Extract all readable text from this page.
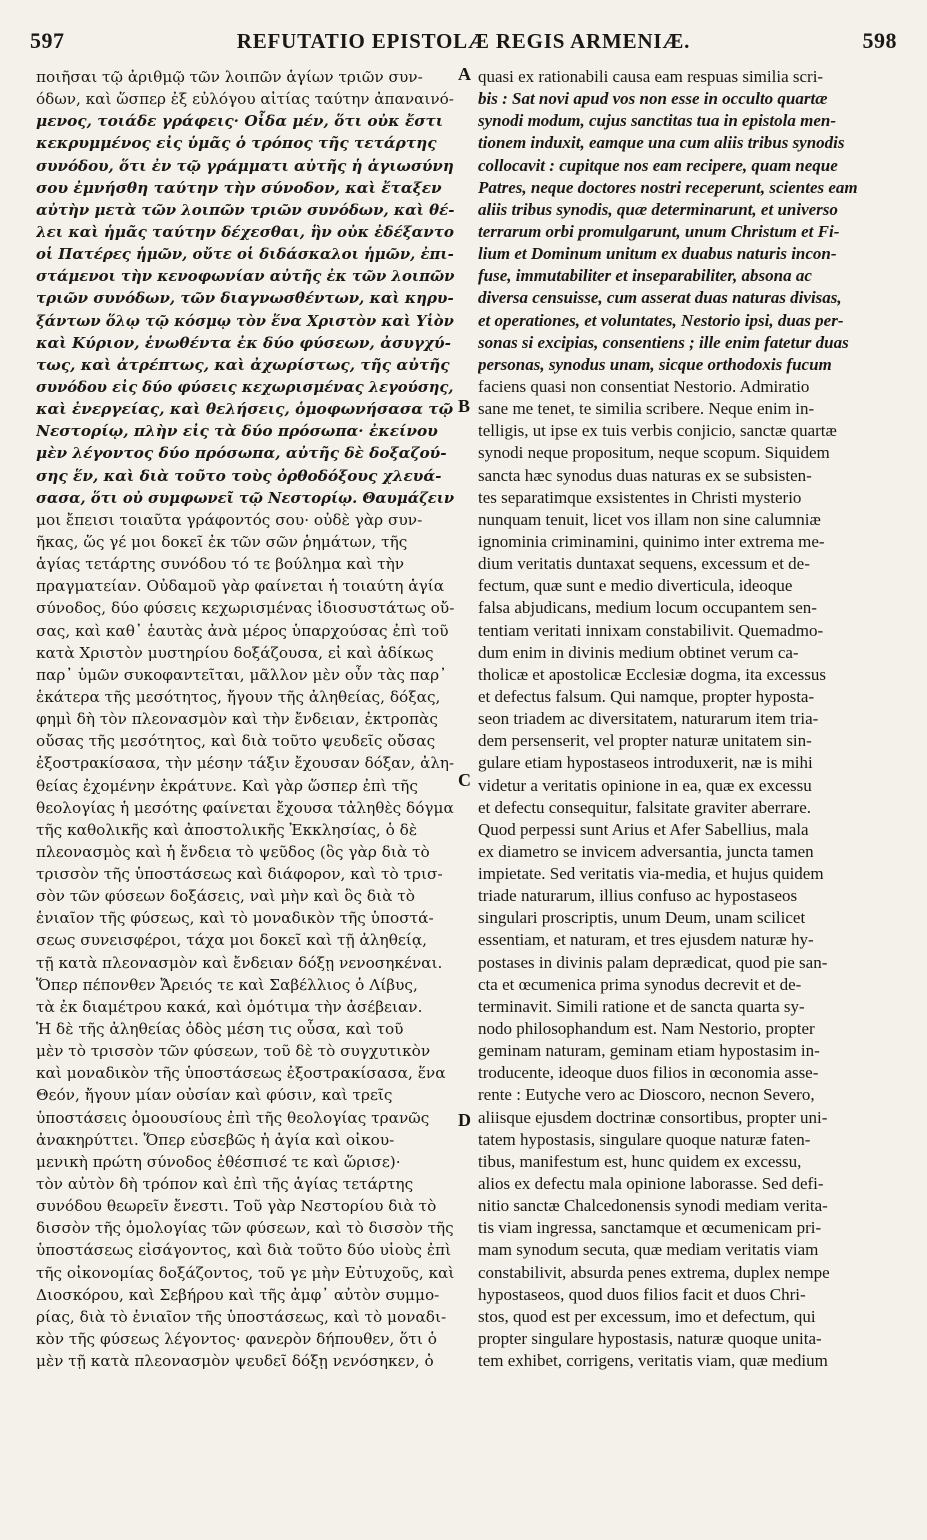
597	REFUTATIO EPISTOLÆ REGIS ARMENIÆ.	598
ποιῆσαι τῷ ἀριθμῷ τῶν λοιπῶν ἁγίων τριῶν συν-
όδων, καὶ ὥσπερ ἐξ εὐλόγου αἰτίας ταύτην ἀπαναινό-
μενος, τοιάδε γράφεις· Οἶδα μέν, ὅτι οὐκ ἔστι
κεκρυμμένος εἰς ὑμᾶς ὁ τρόπος τῆς τετάρτης
συνόδου, ὅτι ἐν τῷ γράμματι αὐτῆς ἡ ἁγιωσύνη
σου ἐμνήσθη ταύτην τὴν σύνοδον, καὶ ἔταξεν
αὐτὴν μετὰ τῶν λοιπῶν τριῶν συνόδων, καὶ θέ-
λει καὶ ἡμᾶς ταύτην δέχεσθαι, ἣν οὐκ ἐδέξαντο
οἱ Πατέρες ἡμῶν, οὔτε οἱ διδάσκαλοι ἡμῶν, ἐπι-
στάμενοι τὴν κενοφωνίαν αὐτῆς ἐκ τῶν λοιπῶν
τριῶν συνόδων, τῶν διαγνωσθέντων, καὶ κηρυ-
ξάντων ὅλῳ τῷ κόσμῳ τὸν ἕνα Χριστὸν καὶ Υἱὸν
καὶ Κύριον, ἑνωθέντα ἐκ δύο φύσεων, ἀσυγχύ-
τως, καὶ ἀτρέπτως, καὶ ἀχωρίστως, τῆς αὐτῆς
συνόδου εἰς δύο φύσεις κεχωρισμένας λεγούσης,
καὶ ἐνεργείας, καὶ θελήσεις, ὁμοφωνήσασα τῷ
Νεστορίῳ, πλὴν εἰς τὰ δύο πρόσωπα· ἐκείνου
μὲν λέγοντος δύο πρόσωπα, αὐτῆς δὲ δοξαζού-
σης ἕν, καὶ διὰ τοῦτο τοὺς ὀρθοδόξους χλευά-
σασα, ὅτι οὐ συμφωνεῖ τῷ Νεστορίῳ. Θαυμάζειν
μοι ἔπεισι τοιαῦτα γράφοντός σου· οὐδὲ γὰρ συν-
ῆκας, ὥς γέ μοι δοκεῖ ἐκ τῶν σῶν ῥημάτων, τῆς
ἁγίας τετάρτης συνόδου τό τε βούλημα καὶ τὴν
πραγματείαν. Οὐδαμοῦ γὰρ φαίνεται ἡ τοιαύτη ἁγία
σύνοδος, δύο φύσεις κεχωρισμένας ἰδιοσυστάτως οὔ-
σας, καὶ καθ᾽ ἑαυτὰς ἀνὰ μέρος ὑπαρχούσας ἐπὶ τοῦ
κατὰ Χριστὸν μυστηρίου δοξάζουσα, εἰ καὶ ἀδίκως
παρ᾽ ὑμῶν συκοφαντεῖται, μᾶλλον μὲν οὖν τὰς παρ᾽
ἑκάτερα τῆς μεσότητος, ἤγουν τῆς ἀληθείας, δόξας,
φημὶ δὴ τὸν πλεονασμὸν καὶ τὴν ἔνδειαν, ἐκτροπὰς
οὔσας τῆς μεσότητος, καὶ διὰ τοῦτο ψευδεῖς οὔσας
ἐξοστρακίσασα, τὴν μέσην τάξιν ἔχουσαν δόξαν, ἀλη-
θείας ἐχομένην ἐκράτυνε. Καὶ γὰρ ὥσπερ ἐπὶ τῆς
θεολογίας ἡ μεσότης φαίνεται ἔχουσα τἀληθὲς δόγμα
τῆς καθολικῆς καὶ ἀποστολικῆς Ἐκκλησίας, ὁ δὲ
πλεονασμὸς καὶ ἡ ἔνδεια τὸ ψεῦδος (ὃς γὰρ διὰ τὸ
τρισσὸν τῆς ὑποστάσεως καὶ διάφορον, καὶ τὸ τρισ-
σὸν τῶν φύσεων δοξάσεις, ναὶ μὴν καὶ ὃς διὰ τὸ
ἑνιαῖον τῆς φύσεως, καὶ τὸ μοναδικὸν τῆς ὑποστά-
σεως συνεισφέροι, τάχα μοι δοκεῖ καὶ τῇ ἀληθείᾳ,
τῇ κατὰ πλεονασμὸν καὶ ἔνδειαν δόξῃ νενοσηκέναι.
Ὅπερ πέπονθεν Ἄρειός τε καὶ Σαβέλλιος ὁ Λίβυς,
τὰ ἐκ διαμέτρου κακά, καὶ ὁμότιμα τὴν ἀσέβειαν.
Ἡ δὲ τῆς ἀληθείας ὁδὸς μέση τις οὖσα, καὶ τοῦ
μὲν τὸ τρισσὸν τῶν φύσεων, τοῦ δὲ τὸ συγχυτικὸν
καὶ μοναδικὸν τῆς ὑποστάσεως ἐξοστρακίσασα, ἕνα
Θεόν, ἤγουν μίαν οὐσίαν καὶ φύσιν, καὶ τρεῖς
ὑποστάσεις ὁμοουσίους ἐπὶ τῆς θεολογίας τρανῶς
ἀνακηρύττει. Ὅπερ εὐσεβῶς ἡ ἁγία καὶ οἰκου-
μενικὴ πρώτη σύνοδος ἐθέσπισέ τε καὶ ὥρισε)·
τὸν αὐτὸν δὴ τρόπον καὶ ἐπὶ τῆς ἁγίας τετάρτης
συνόδου θεωρεῖν ἔνεστι. Τοῦ γὰρ Νεστορίου διὰ τὸ
δισσὸν τῆς ὁμολογίας τῶν φύσεων, καὶ τὸ δισσὸν τῆς
ὑποστάσεως εἰσάγοντος, καὶ διὰ τοῦτο δύο υἱοὺς ἐπὶ
τῆς οἰκονομίας δοξάζοντος, τοῦ γε μὴν Εὐτυχοῦς, καὶ
Διοσκόρου, καὶ Σεβήρου καὶ τῆς ἀμφ᾽ αὐτὸν συμμο-
ρίας, διὰ τὸ ἑνιαῖον τῆς ὑποστάσεως, καὶ τὸ μοναδι-
κὸν τῆς φύσεως λέγοντος· φανερὸν δήπουθεν, ὅτι ὁ
μὲν τῇ κατὰ πλεονασμὸν ψευδεῖ δόξῃ νενόσηκεν, ὁ
quasi ex rationabili causa eam respuas similia scri-
bis : Sat novi apud vos non esse in occulto quartæ
synodi modum, cujus sanctitas tua in epistola men-
tionem induxit, eamque una cum aliis tribus synodis
collocavit : cupitque nos eam recipere, quam neque
Patres, neque doctores nostri receperunt, scientes eam
aliis tribus synodis, quæ determinarunt, et universo
terrarum orbi promulgarunt, unum Christum et Fi-
lium et Dominum unitum ex duabus naturis incon-
fuse, immutabiliter et inseparabiliter, absona ac
diversa censuisse, cum asserat duas naturas divisas,
et operationes, et voluntates, Nestorio ipsi, duas per-
sonas si excipias, consentiens ; ille enim fatetur duas
personas, synodus unam, sicque orthodoxis fucum
faciens quasi non consentiat Nestorio. Admiratio
sane me tenet, te similia scribere. Neque enim in-
telligis, ut ipse ex tuis verbis conjicio, sanctæ quartæ
synodi neque propositum, neque scopum. Siquidem
sancta hæc synodus duas naturas ex se subsisten-
tes separatimque exsistentes in Christi mysterio
nunquam tenuit, licet vos illam non sine calumniæ
ignominia criminamini, quinimo inter extrema me-
dium veritatis duntaxat sequens, excessum et de-
fectum, quæ sunt e medio diverticula, ideoque
falsa abjudicans, medium locum occupantem sen-
tentiam veritati innixam constabilivit. Quemadmo-
dum enim in divinis medium obtinet verum ca-
tholicæ et apostolicæ Ecclesiæ dogma, ita excessus
et defectus falsum. Qui namque, propter hyposta-
seon triadem ac diversitatem, naturarum item tria-
dem persenserit, vel propter naturæ unitatem sin-
gulare etiam hypostaseos introduxerit, næ is mihi
videtur a veritatis opinione in ea, quæ ex excessu
et defectu consequitur, falsitate graviter aberrare.
Quod perpessi sunt Arius et Afer Sabellius, mala
ex diametro se invicem adversantia, juncta tamen
impietate. Sed veritatis via-media, et hujus quidem
triade naturarum, illius confuso ac hypostaseos
singulari proscriptis, unum Deum, unam scilicet
essentiam, et naturam, et tres ejusdem naturæ hy-
postases in divinis palam deprædicat, quod pie san-
cta et œcumenica prima synodus decrevit et de-
terminavit. Simili ratione et de sancta quarta sy-
nodo philosophandum est. Nam Nestorio, propter
geminam naturam, geminam etiam hypostasim in-
troducente, ideoque duos filios in œconomia asse-
rente : Eutyche vero ac Dioscoro, necnon Severo,
aliisque ejusdem doctrinæ consortibus, propter uni-
tatem hypostasis, singulare quoque naturæ faten-
tibus, manifestum est, hunc quidem ex excessu,
alios ex defectu mala opinione laborasse. Sed defi-
nitio sanctæ Chalcedonensis synodi mediam verita-
tis viam ingressa, sanctamque et œcumenicam pri-
mam synodum secuta, quæ mediam veritatis viam
constabilivit, absurda penes extrema, duplex nempe
hypostaseos, quod duos filios facit et duos Chri-
stos, quod est per excessum, imo et defectum, qui
propter singulare hypostasis, naturæ quoque unita-
tem exhibet, corrigens, veritatis viam, quæ medium
A
B
C
D
